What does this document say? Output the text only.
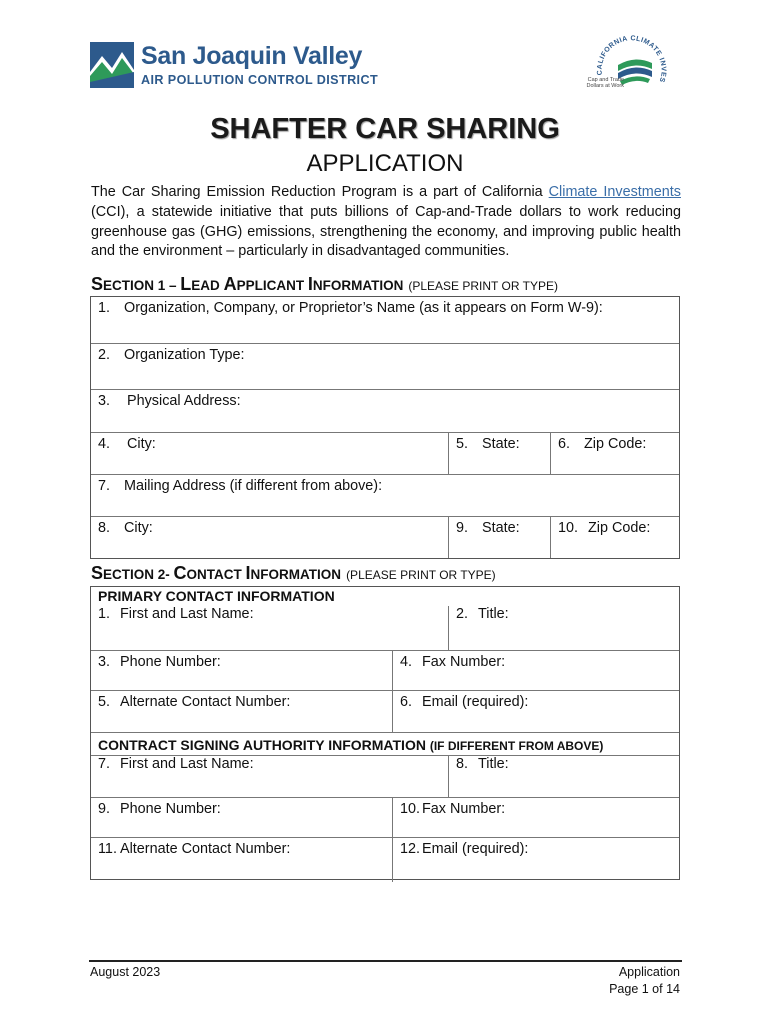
San Joaquin Valley
AIR POLLUTION CONTROL DISTRICT
CALIFORNIA CLIMATE INVES
Cap and Trade
Dollars at Work
SHAFTER CAR SHARING
APPLICATION
The Car Sharing Emission Reduction Program is a part of California Climate Investments (CCI), a statewide initiative that puts billions of Cap-and-Trade dollars to work reducing greenhouse gas (GHG) emissions, strengthening the economy, and improving public health and the environment – particularly in disadvantaged communities.
SECTION 1 – LEAD APPLICANT INFORMATION (PLEASE PRINT OR TYPE)
1. Organization, Company, or Proprietor’s Name (as it appears on Form W-9):
2. Organization Type:
3. Physical Address:
4. City:	5. State:	6. Zip Code:
7. Mailing Address (if different from above):
8. City:	9. State:	10. Zip Code:
SECTION 2- CONTACT INFORMATION (PLEASE PRINT OR TYPE)
PRIMARY CONTACT INFORMATION
1. First and Last Name:	2. Title:
3. Phone Number:	4. Fax Number:
5. Alternate Contact Number:	6. Email (required):
CONTRACT SIGNING AUTHORITY INFORMATION (IF DIFFERENT FROM ABOVE)
7. First and Last Name:	8. Title:
9. Phone Number:	10. Fax Number:
11. Alternate Contact Number:	12. Email (required):
August 2023	Application
Page 1 of 14
